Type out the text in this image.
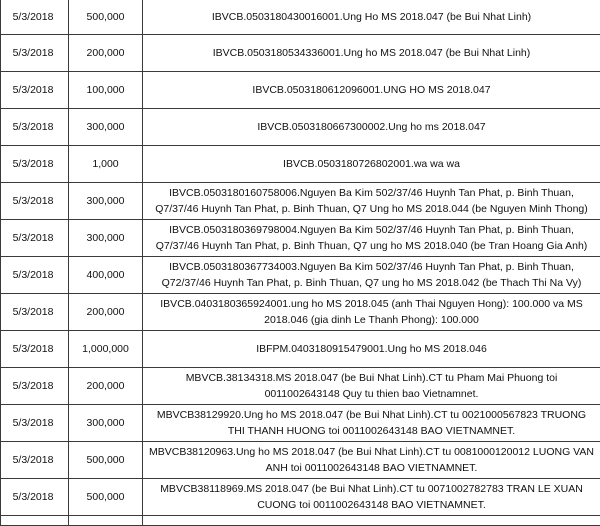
5/3/2018	500,000	IBVCB.0503180430016001.Ung Ho MS 2018.047 (be Bui Nhat Linh)
5/3/2018	200,000	IBVCB.0503180534336001.Ung ho MS 2018.047 (be Bui Nhat Linh)
5/3/2018	100,000	IBVCB.0503180612096001.UNG HO MS 2018.047
5/3/2018	300,000	IBVCB.0503180667300002.Ung ho ms 2018.047
5/3/2018	1,000	IBVCB.0503180726802001.wa wa wa
5/3/2018	300,000	IBVCB.0503180160758006.Nguyen Ba Kim 502/37/46 Huynh Tan Phat, p. Binh Thuan, Q7/37/46 Huynh Tan Phat, p. Binh Thuan, Q7 Ung ho MS 2018.044 (be Nguyen Minh Thong)
5/3/2018	300,000	IBVCB.0503180369798004.Nguyen Ba Kim 502/37/46 Huynh Tan Phat, p. Binh Thuan, Q7/37/46 Huynh Tan Phat, p. Binh Thuan, Q7 ung ho MS 2018.040 (be Tran Hoang Gia Anh)
5/3/2018	400,000	IBVCB.0503180367734003.Nguyen Ba Kim 502/37/46 Huynh Tan Phat, p. Binh Thuan, Q72/37/46 Huynh Tan Phat, p. Binh Thuan, Q7 ung ho MS 2018.042 (be Thach Thi Na Vy)
5/3/2018	200,000	IBVCB.0403180365924001.ung ho MS 2018.045 (anh Thai Nguyen Hong): 100.000 va MS 2018.046 (gia dinh Le Thanh Phong): 100.000
5/3/2018	1,000,000	IBFPM.0403180915479001.Ung ho MS 2018.046
5/3/2018	200,000	MBVCB.38134318.MS 2018.047 (be Bui Nhat Linh).CT tu Pham Mai Phuong toi 0011002643148 Quy tu thien bao Vietnamnet.
5/3/2018	300,000	MBVCB38129920.Ung ho MS 2018.047 (be Bui Nhat Linh).CT tu 0021000567823 TRUONG THI THANH HUONG toi 0011002643148 BAO VIETNAMNET.
5/3/2018	500,000	MBVCB38120963.Ung ho MS 2018.047 (be Bui Nhat Linh).CT tu 0081000120012 LUONG VAN ANH toi 0011002643148 BAO VIETNAMNET.
5/3/2018	500,000	MBVCB38118969.MS 2018.047 (be Bui Nhat Linh).CT tu 0071002782783 TRAN LE XUAN CUONG toi 0011002643148 BAO VIETNAMNET.
